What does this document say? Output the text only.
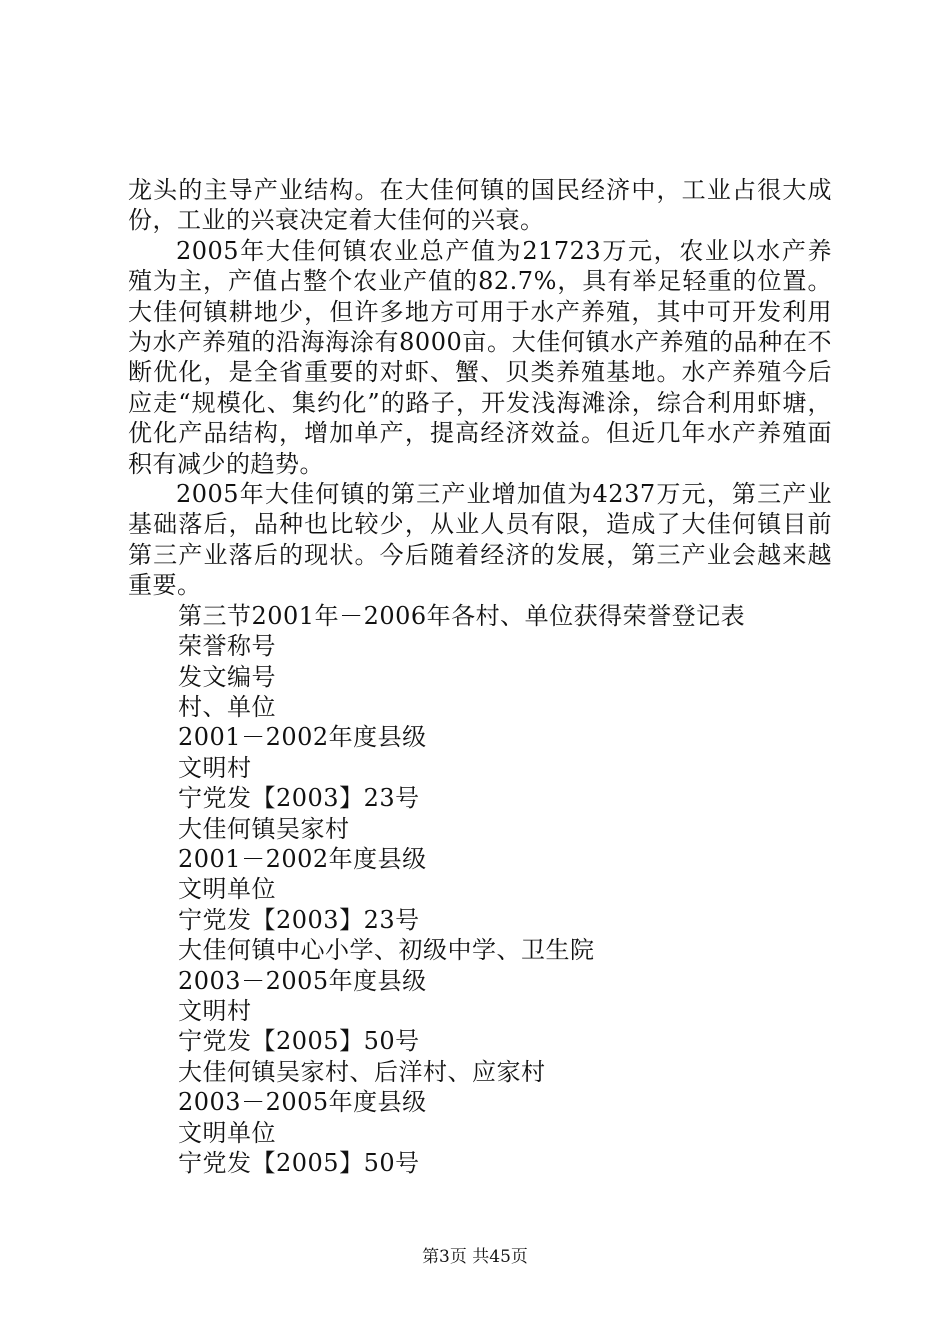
龙头的主导产业结构。在大佳何镇的国民经济中，工业占很大成份，工业的兴衰决定着大佳何的兴衰。

2005年大佳何镇农业总产值为21723万元，农业以水产养殖为主，产值占整个农业产值的82.7%，具有举足轻重的位置。大佳何镇耕地少，但许多地方可用于水产养殖，其中可开发利用为水产养殖的沿海海涂有8000亩。大佳何镇水产养殖的品种在不断优化，是全省重要的对虾、蟹、贝类养殖基地。水产养殖今后应走“规模化、集约化”的路子，开发浅海滩涂，综合利用虾塘，优化产品结构，增加单产，提高经济效益。但近几年水产养殖面积有减少的趋势。

2005年大佳何镇的第三产业增加值为4237万元，第三产业基础落后，品种也比较少，从业人员有限，造成了大佳何镇目前第三产业落后的现状。今后随着经济的发展，第三产业会越来越重要。

第三节2001年－2006年各村、单位获得荣誉登记表
荣誉称号
发文编号
村、单位
2001－2002年度县级
文明村
宁党发【2003】23号
大佳何镇吴家村
2001－2002年度县级
文明单位
宁党发【2003】23号
大佳何镇中心小学、初级中学、卫生院
2003－2005年度县级
文明村
宁党发【2005】50号
大佳何镇吴家村、后洋村、应家村
2003－2005年度县级
文明单位
宁党发【2005】50号
第3页 共45页
